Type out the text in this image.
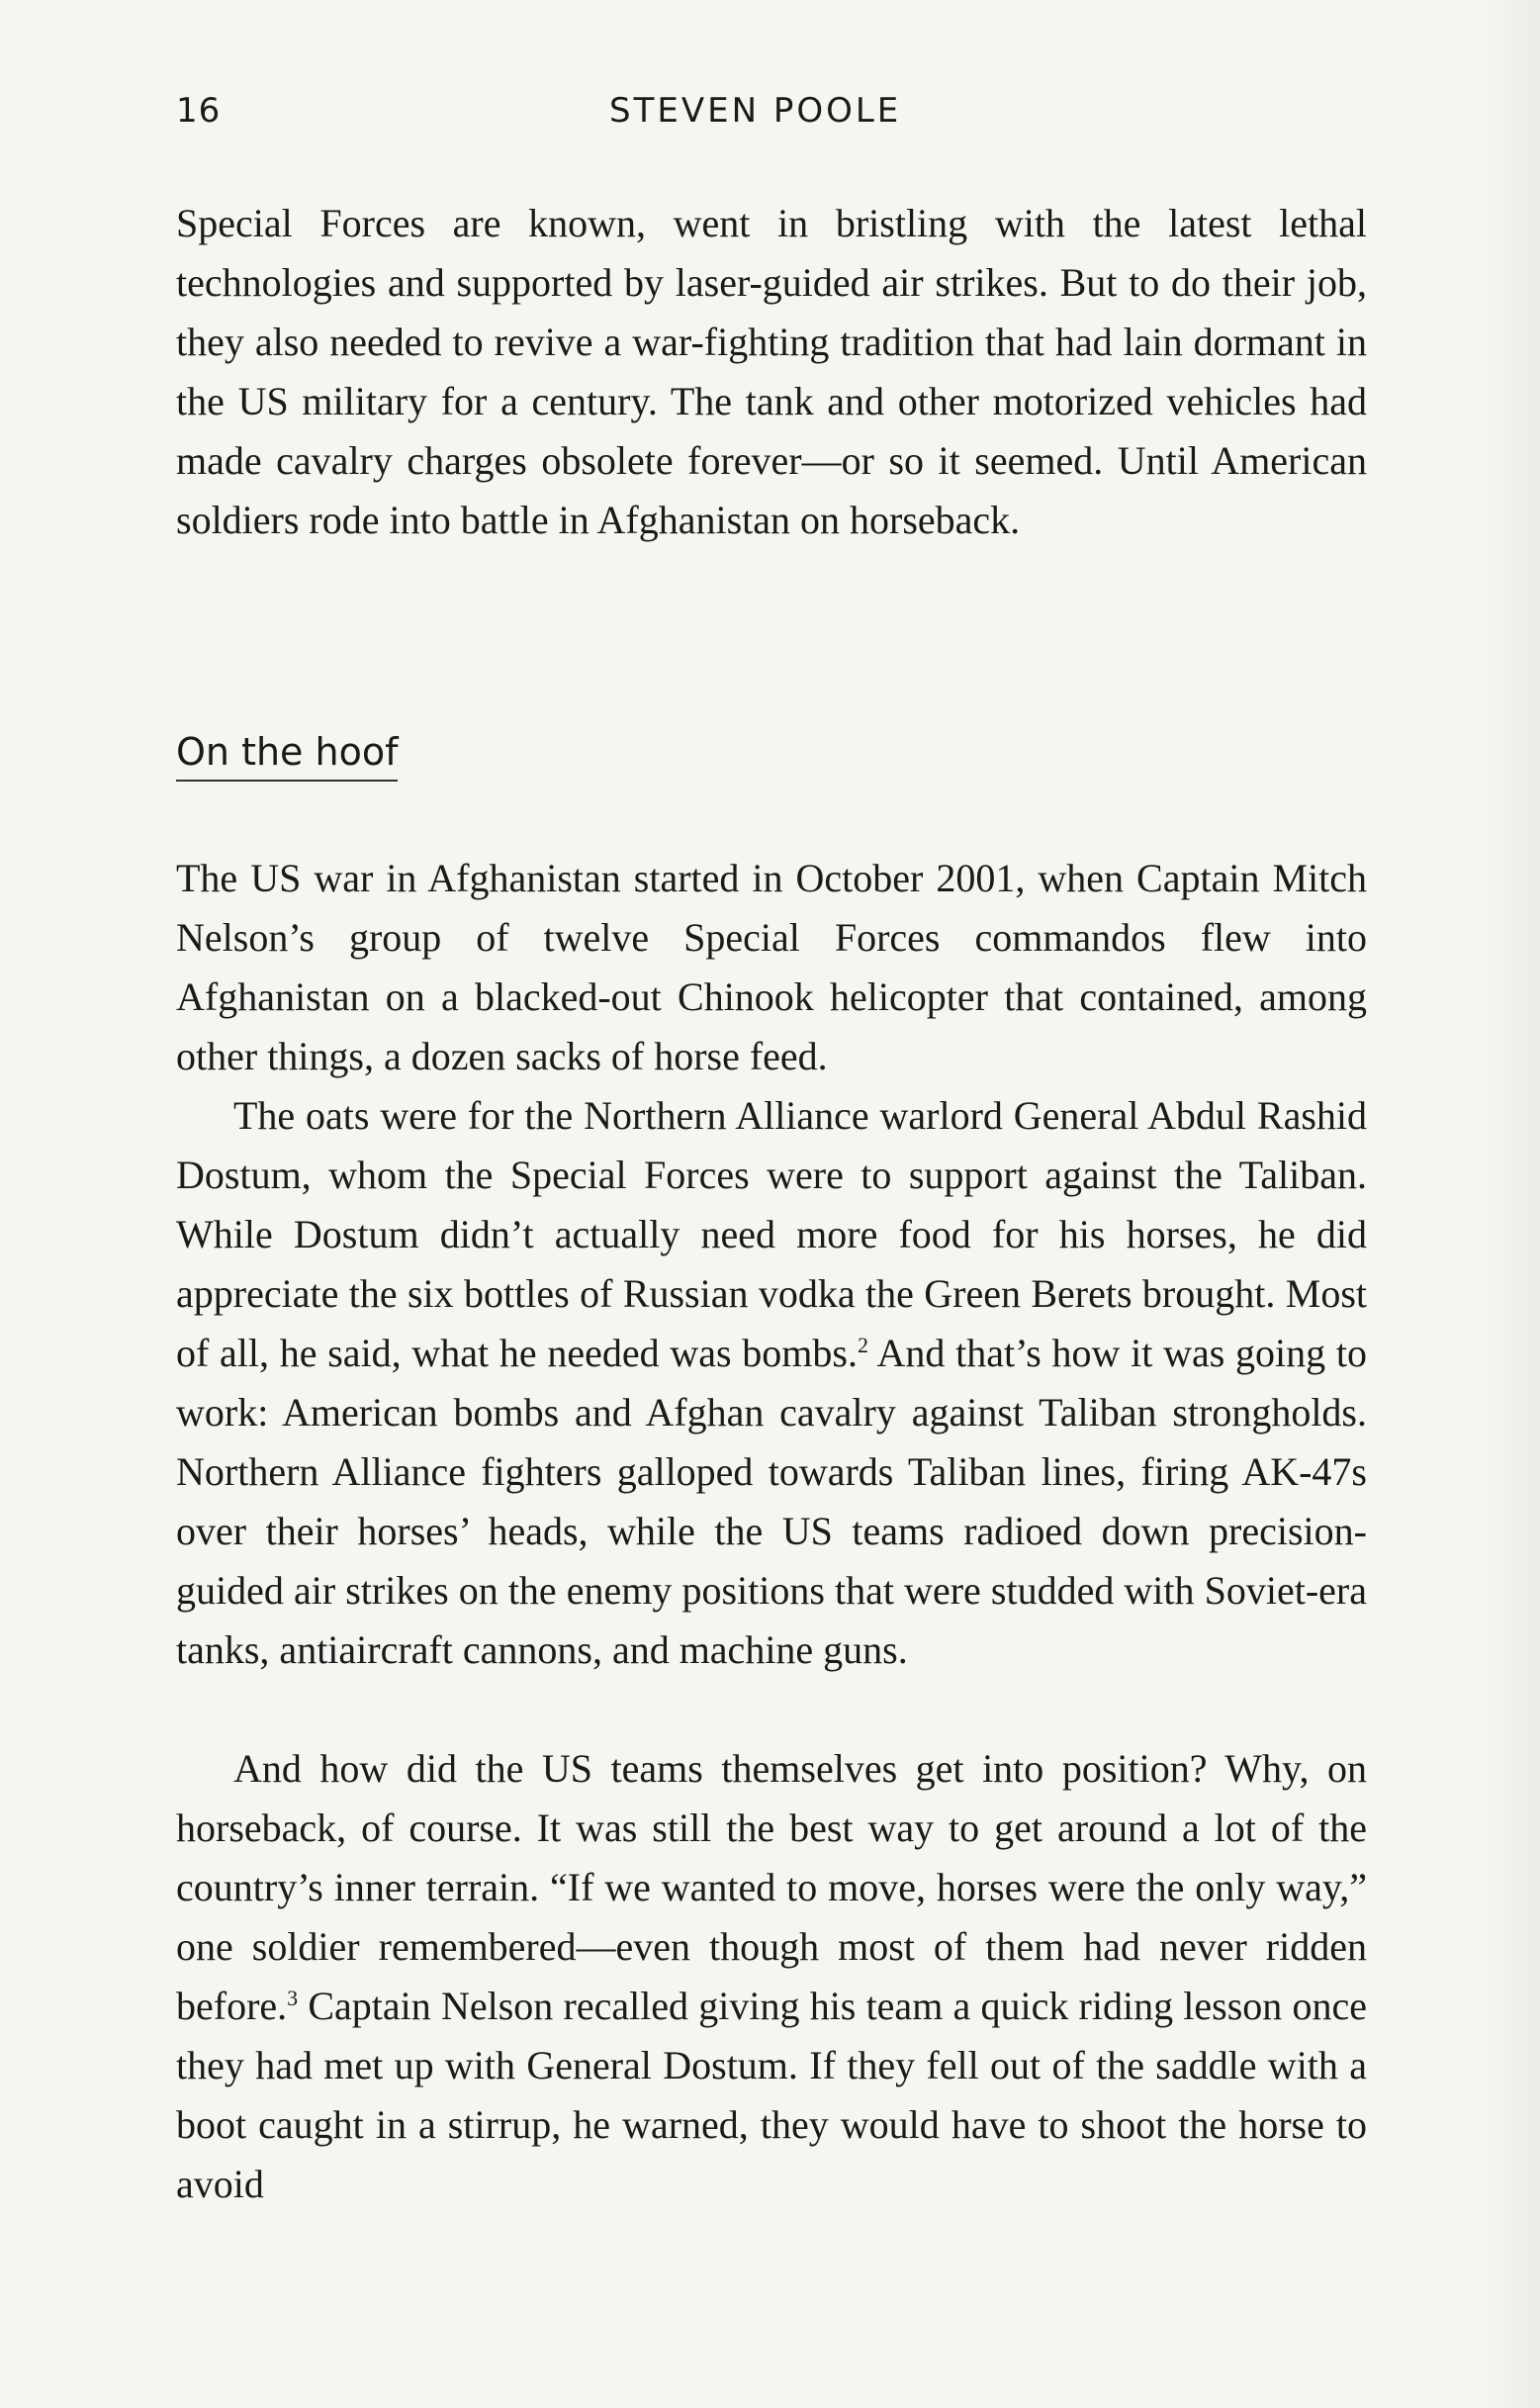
16	STEVEN POOLE

Special Forces are known, went in bristling with the latest lethal technologies and supported by laser-guided air strikes. But to do their job, they also needed to revive a war-fighting tradition that had lain dormant in the US military for a century. The tank and other motorized vehicles had made cavalry charges obsolete forever—or so it seemed. Until American soldiers rode into battle in Afghanistan on horseback.

On the hoof

The US war in Afghanistan started in October 2001, when Captain Mitch Nelson’s group of twelve Special Forces commandos flew into Afghanistan on a blacked-out Chinook helicopter that contained, among other things, a dozen sacks of horse feed.

The oats were for the Northern Alliance warlord General Abdul Rashid Dostum, whom the Special Forces were to support against the Taliban. While Dostum didn’t actually need more food for his horses, he did appreciate the six bottles of Russian vodka the Green Berets brought. Most of all, he said, what he needed was bombs.$^2$ And that’s how it was going to work: American bombs and Afghan cavalry against Taliban strongholds. Northern Alliance fighters galloped towards Taliban lines, firing AK-47s over their horses’ heads, while the US teams radioed down precision-guided air strikes on the enemy positions that were studded with Soviet-era tanks, antiaircraft cannons, and machine guns.

And how did the US teams themselves get into position? Why, on horseback, of course. It was still the best way to get around a lot of the country’s inner terrain. “If we wanted to move, horses were the only way,” one soldier remembered—even though most of them had never ridden before.$^3$ Captain Nelson recalled giving his team a quick riding lesson once they had met up with General Dostum. If they fell out of the saddle with a boot caught in a stirrup, he warned, they would have to shoot the horse to avoid
